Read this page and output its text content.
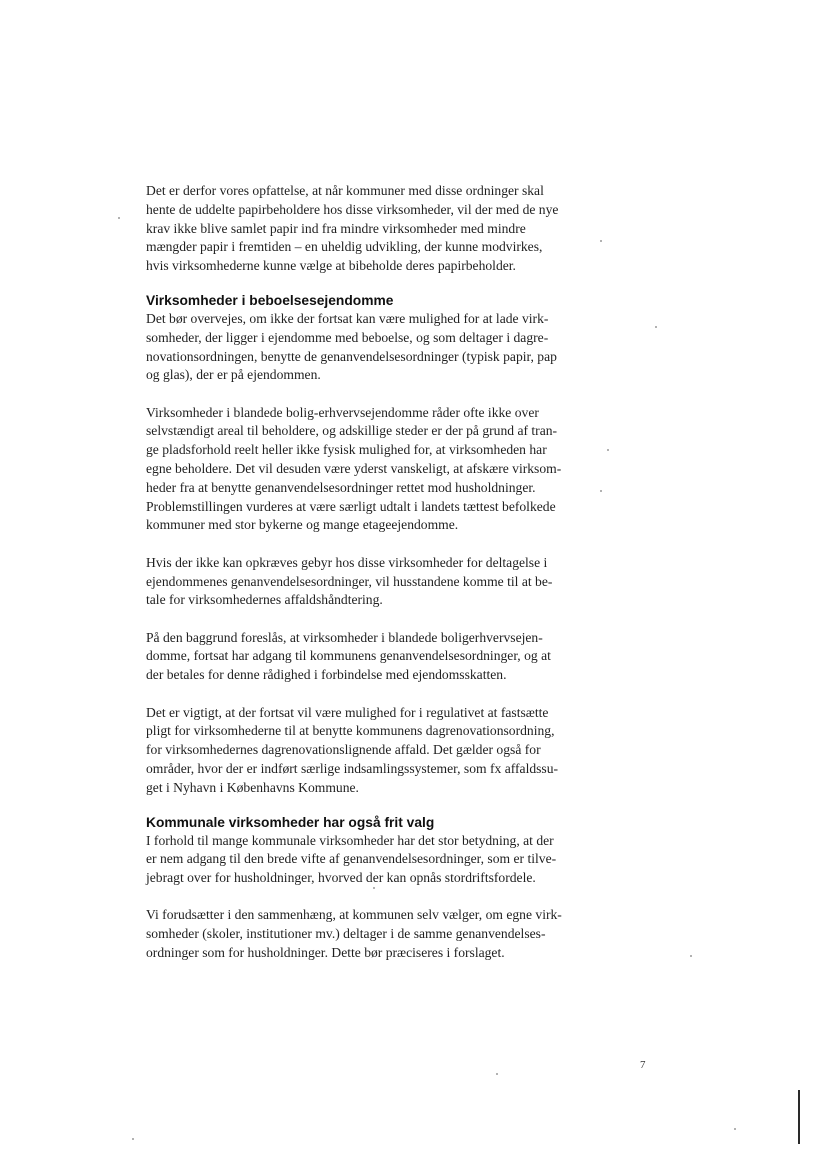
Det er derfor vores opfattelse, at når kommuner med disse ordninger skal
hente de uddelte papirbeholdere hos disse virksomheder, vil der med de nye
krav ikke blive samlet papir ind fra mindre virksomheder med mindre
mængder papir i fremtiden – en uheldig udvikling, der kunne modvirkes,
hvis virksomhederne kunne vælge at bibeholde deres papirbeholder.

Virksomheder i beboelsesejendomme

Det bør overvejes, om ikke der fortsat kan være mulighed for at lade virk-
somheder, der ligger i ejendomme med beboelse, og som deltager i dagre-
novationsordningen, benytte de genanvendelsesordninger (typisk papir, pap
og glas), der er på ejendommen.

Virksomheder i blandede bolig-erhvervsejendomme råder ofte ikke over
selvstændigt areal til beholdere, og adskillige steder er der på grund af tran-
ge pladsforhold reelt heller ikke fysisk mulighed for, at virksomheden har
egne beholdere. Det vil desuden være yderst vanskeligt, at afskære virksom-
heder fra at benytte genanvendelsesordninger rettet mod husholdninger.
Problemstillingen vurderes at være særligt udtalt i landets tættest befolkede
kommuner med stor bykerne og mange etageejendomme.

Hvis der ikke kan opkræves gebyr hos disse virksomheder for deltagelse i
ejendommenes genanvendelsesordninger, vil husstandene komme til at be-
tale for virksomhedernes affaldshåndtering.

På den baggrund foreslås, at virksomheder i blandede boligerhvervsejen-
domme, fortsat har adgang til kommunens genanvendelsesordninger, og at
der betales for denne rådighed i forbindelse med ejendomsskatten.

Det er vigtigt, at der fortsat vil være mulighed for i regulativet at fastsætte
pligt for virksomhederne til at benytte kommunens dagrenovationsordning,
for virksomhedernes dagrenovationslignende affald. Det gælder også for
områder, hvor der er indført særlige indsamlingssystemer, som fx affaldssu-
get i Nyhavn i Københavns Kommune.

Kommunale virksomheder har også frit valg

I forhold til mange kommunale virksomheder har det stor betydning, at der
er nem adgang til den brede vifte af genanvendelsesordninger, som er tilve-
jebragt over for husholdninger, hvorved der kan opnås stordriftsfordele.

Vi forudsætter i den sammenhæng, at kommunen selv vælger, om egne virk-
somheder (skoler, institutioner mv.) deltager i de samme genanvendelses-
ordninger som for husholdninger. Dette bør præciseres i forslaget.

7
